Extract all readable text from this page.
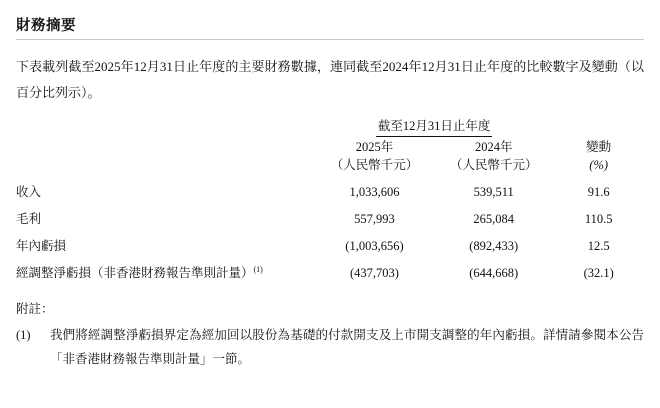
財務摘要

下表載列截至2025年12月31日止年度的主要財務數據，連同截至2024年12月31日止年度的比較數字及變動（以百分比列示）。

	截至12月31日止年度		
	2025年	2024年	變動
	（人民幣千元）	（人民幣千元）	(%)
收入	1,033,606	539,511	91.6
毛利	557,993	265,084	110.5
年內虧損	(1,003,656)	(892,433)	12.5
經調整淨虧損（非香港財務報告準則計量）$^{(1)}$	(437,703)	(644,668)	(32.1)
附註：
(1)	我們將經調整淨虧損界定為經加回以股份為基礎的付款開支及上市開支調整的年內虧損。詳情請參閱本公告「非香港財務報告準則計量」一節。
